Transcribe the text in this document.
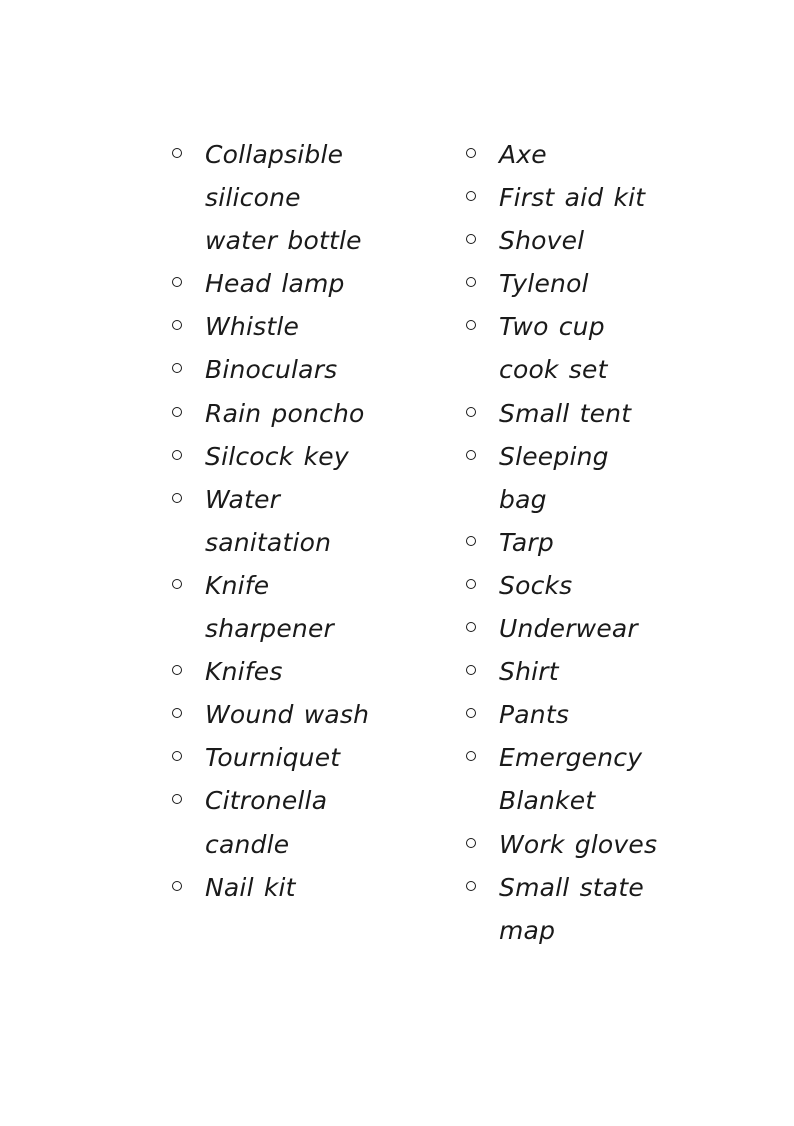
Collapsible silicone water bottle
Head lamp
Whistle
Binoculars
Rain poncho
Silcock key
Water sanitation
Knife sharpener
Knifes
Wound wash
Tourniquet
Citronella candle
Nail kit
Axe
First aid kit
Shovel
Tylenol
Two cup cook set
Small tent
Sleeping bag
Tarp
Socks
Underwear
Shirt
Pants
Emergency Blanket
Work gloves
Small state map
